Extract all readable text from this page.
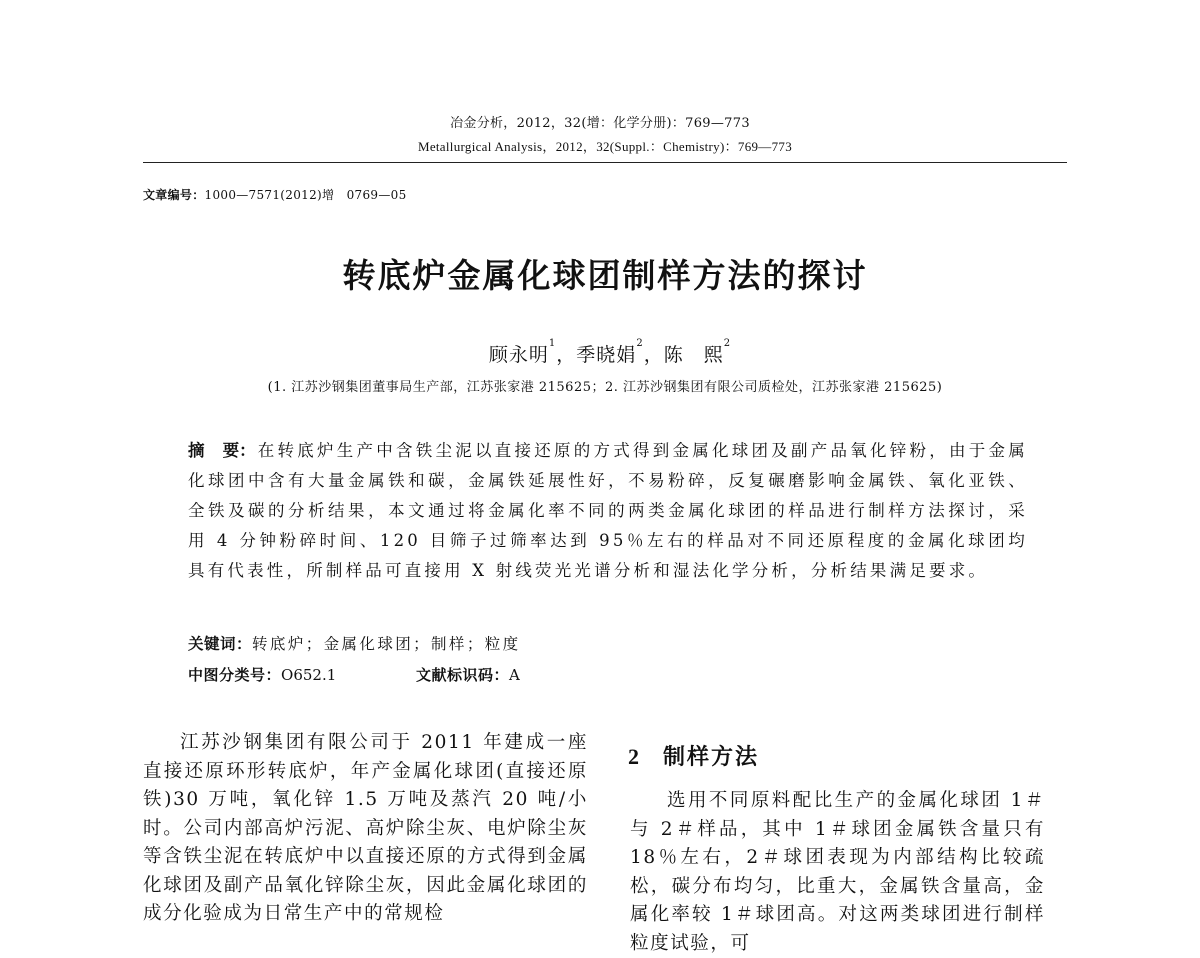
冶金分析，2012，32(增：化学分册)：769—773
Metallurgical Analysis，2012，32(Suppl.：Chemistry)：769—773
文章编号：1000—7571(2012)增　0769—05
转底炉金属化球团制样方法的探讨
顾永明$^1$，季晓娟$^2$，陈　熙$^2$
(1. 江苏沙钢集团董事局生产部，江苏张家港 215625；2. 江苏沙钢集团有限公司质检处，江苏张家港 215625)
摘 要： 在转底炉生产中含铁尘泥以直接还原的方式得到金属化球团及副产品氧化锌粉，由于金属化球团中含有大量金属铁和碳，金属铁延展性好，不易粉碎，反复碾磨影响金属铁、氧化亚铁、全铁及碳的分析结果，本文通过将金属化率不同的两类金属化球团的样品进行制样方法探讨，采用 4 分钟粉碎时间、120 目筛子过筛率达到 95％左右的样品对不同还原程度的金属化球团均具有代表性，所制样品可直接用 X 射线荧光光谱分析和湿法化学分析，分析结果满足要求。
关键词：转底炉；金属化球团；制样；粒度
中图分类号：O652.1	文献标识码：A

江苏沙钢集团有限公司于 2011 年建成一座直接还原环形转底炉，年产金属化球团(直接还原铁)30 万吨，氧化锌 1.5 万吨及蒸汽 20 吨/小时。公司内部高炉污泥、高炉除尘灰、电炉除尘灰等含铁尘泥在转底炉中以直接还原的方式得到金属化球团及副产品氧化锌除尘灰，因此金属化球团的成分化验成为日常生产中的常规检

2 制样方法

选用不同原料配比生产的金属化球团 1＃与 2＃样品，其中 1＃球团金属铁含量只有 18％左右，2＃球团表现为内部结构比较疏松，碳分布均匀，比重大，金属铁含量高，金属化率较 1＃球团高。对这两类球团进行制样粒度试验，可
